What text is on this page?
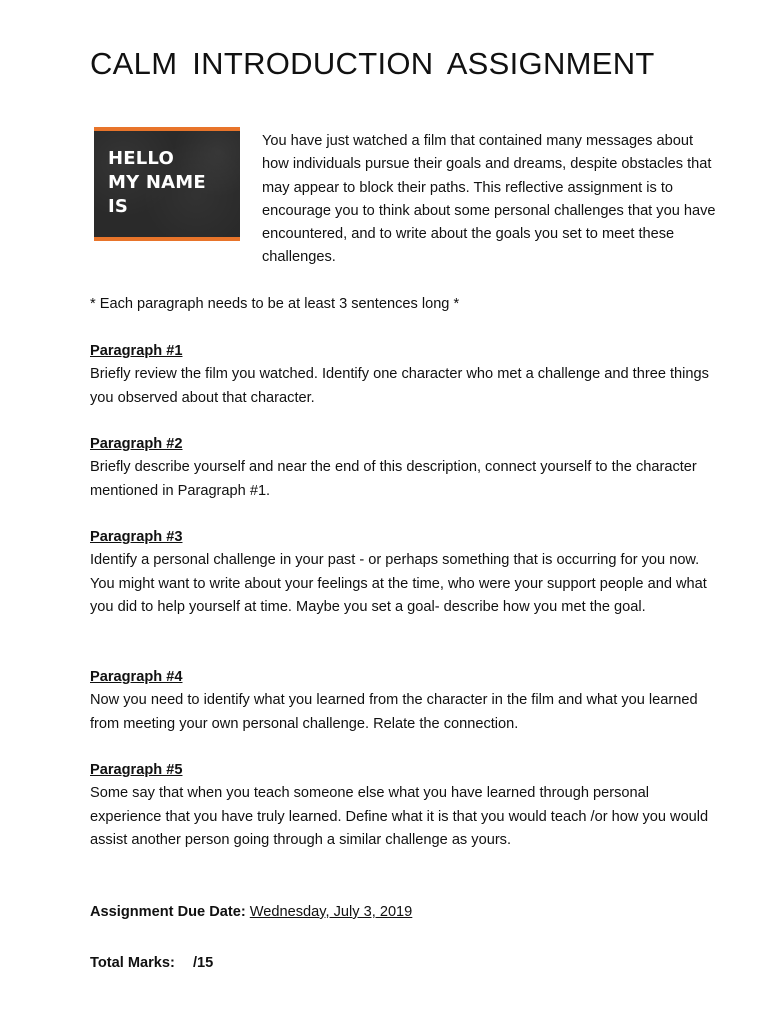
CALM INTRODUCTION ASSIGNMENT
HELLO
MY NAME
IS

You have just watched a film that contained many messages about how individuals pursue their goals and dreams, despite obstacles that may appear to block their paths. This reflective assignment is to encourage you to think about some personal challenges that you have encountered, and to write about the goals you set to meet these challenges.

* Each paragraph needs to be at least 3 sentences long *

Paragraph #1

Briefly review the film you watched. Identify one character who met a challenge and three things you observed about that character.

Paragraph #2

Briefly describe yourself and near the end of this description, connect yourself to the character mentioned in Paragraph #1.

Paragraph #3

Identify a personal challenge in your past - or perhaps something that is occurring for you now. You might want to write about your feelings at the time, who were your support people and what you did to help yourself at time. Maybe you set a goal- describe how you met the goal.

Paragraph #4

Now you need to identify what you learned from the character in the film and what you learned from meeting your own personal challenge. Relate the connection.

Paragraph #5

Some say that when you teach someone else what you have learned through personal experience that you have truly learned. Define what it is that you would teach /or how you would assist another person going through a similar challenge as yours.

Assignment Due Date: Wednesday, July 3, 2019
Total Marks: /15
